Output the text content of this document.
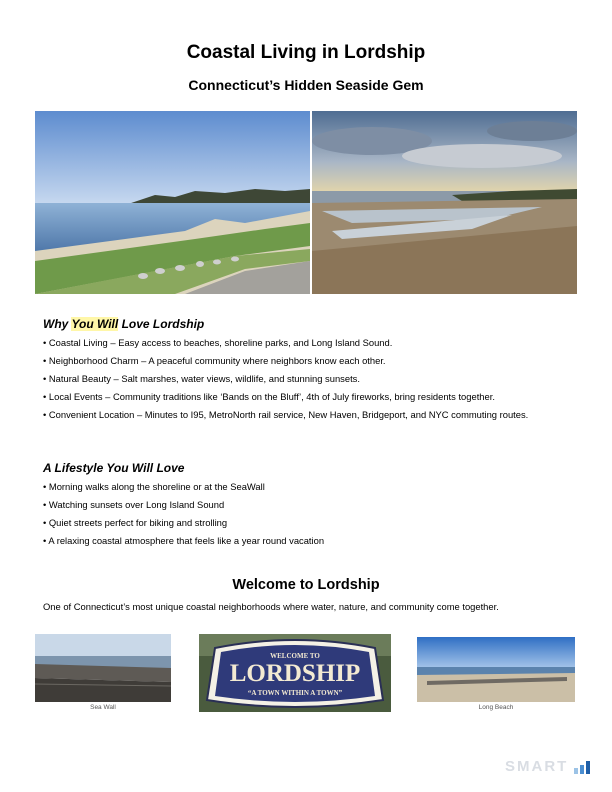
Coastal Living in Lordship
Connecticut’s Hidden Seaside Gem
Why You Will Love Lordship
• Coastal Living – Easy access to beaches, shoreline parks, and Long Island Sound.
• Neighborhood Charm – A peaceful community where neighbors know each other.
• Natural Beauty – Salt marshes, water views, wildlife, and stunning sunsets.
• Local Events – Community traditions like ‘Bands on the Bluff’, 4th of July fireworks, bring residents together.
• Convenient Location – Minutes to I95, MetroNorth rail service, New Haven, Bridgeport, and NYC commuting routes.
A Lifestyle You Will Love
• Morning walks along the shoreline or at the SeaWall
• Watching sunsets over Long Island Sound
• Quiet streets perfect for biking and strolling
• A relaxing coastal atmosphere that feels like a year round vacation
Welcome to Lordship
One of Connecticut’s most unique coastal neighborhoods where water, nature, and community come together.
Sea Wall
WELCOME TO
LORDSHIP
“A TOWN WITHIN A TOWN”
Long Beach
SMART
